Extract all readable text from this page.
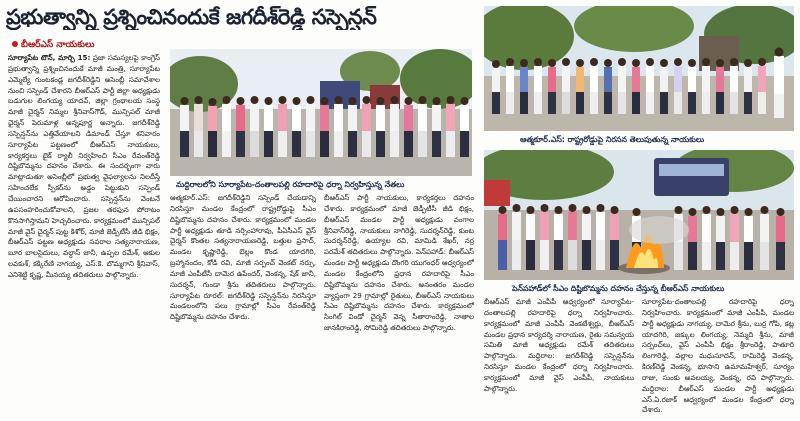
ప్రభుత్వాన్ని ప్రశ్నించినందుకే జగదీశ్‌రెడ్డి సస్పెన్షన్
బీఆర్‌ఎస్‌ నాయకులు

సూర్యాపేట టౌన్‌, మార్చి 15: ప్రజా సమస్యలపై కాంగ్రెస్‌ ప్రభుత్వాన్ని ప్రశ్నించినందుకే మాజీ మంత్రి, సూర్యాపేట ఎమ్మెల్యే గుంటకండ్ల జగదీశ్‌రెడ్డిని అసెంబ్లీ సమావేశాల నుంచి సస్పెండ్‌ చేశారని బీఆర్‌ఎస్‌ పార్టీ జిల్లా అధ్యక్షుడు బడుగుల లింగయ్య యాదవ్‌, జిల్లా గ్రంథాలయ సంస్థ మాజీ చైర్మన్‌ నిమ్మల శ్రీనివాస్‌గౌడ్‌, మున్సిపల్‌ మాజీ ఛైర్మన్‌ పెరుమాళ్ల అన్నపూర్ణ అన్నారు. జగదీశ్‌రెడ్డి సస్పెన్షన్‌ను ఎత్తివేయాలని డిమాండ్‌ చేస్తూ శనివారం సూర్యాపేట పట్టణంలో బీఆర్‌ఎస్‌ నాయకులు, కార్యకర్తలు బైక్‌ ర్యాలీ నిర్వహించి సీఎం రేవంత్‌రెడ్డి దిష్టిబొమ్మను దహనం చేశారు. ఈ సందర్భంగా వారు మాట్లాడుతూ అసెంబ్లీలో ప్రభుత్వ వైఫల్యాలను నిలదీస్తే సహించలేక స్పీకర్‌ను అడ్డం పెట్టుకుని సస్పెండ్‌ చేయించారని ఆరోపించారు. సస్పెన్షన్‌ను వెంటనే ఉపసంహరించుకోవాలని, ప్రజల తరఫున పోరాటం కొనసాగిస్తామని హెచ్చరించారు. కార్యక్రమంలో మున్సిపల్‌ మాజీ వైస్‌ చైర్మన్‌ పుట్ట కిశోర్‌, మాజీ జెడ్పీటీసీ జీడి భిక్షం, బీఆర్‌ఎస్‌ పట్టణ అధ్యక్షుడు సవరాల సత్యనారాయణ, బూర బాలసైదులు, వల్దాస్‌ జానీ, ఉప్పల రమేశ్‌, ఆకుల లవకుశ్‌, కక్కిరేణి నాగయ్య, ఎస్‌.కె. బొమ్మగాని శ్రీనివాస్‌, ఎనిశెట్టి కృష్ణ, మీనయ్య తదితరులు పాల్గొన్నారు.

మద్దిరాలలోని సూర్యాపేట-దంతాలపల్లి రహదారిపై ధర్నా నిర్వహిస్తున్న నేతలు

ఆత్మకూర్‌.ఎస్‌: జగదీశ్‌రెడ్డిని సస్పెండ్‌ చేయడాన్ని నిరసిస్తూ మండల కేంద్రంలో రాష్ట్రరోడ్డుపై సీఎం దిష్టిబొమ్మను దహనం చేశారు. కార్యక్రమంలో మండల పార్టీ అధ్యక్షుడు తూడి నర్సింహారావు, పీఏసీఎస్‌ వైస్‌ చైర్మన్‌ కొంతల సత్యనారాయణరెడ్డి, బత్తుల ప్రసాద్‌, మండల కృష్ణారెడ్డి, బెల్లం కొండ యాదగిరి, బ్రహ్మానందం, కోడి రవి, మాజీ సర్పంచ్‌ వెంకట్‌ నర్సు, మాజీ ఎంపీటీసీ దామెర ఉపేందర్‌, వెంకన్న, షేక్‌ జానీ, సుదర్శన్‌, గుండా శ్రీను తదితరులు పాల్గొన్నారు. సూర్యాపేట రూరల్‌: జగదీశ్‌రెడ్డి సస్పెన్షన్‌ను నిరసిస్తూ మండలంలోని పలు గ్రామాల్లో సీఎం రేవంత్‌రెడ్డి దిష్టిబొమ్మను దహనం చేశారు.

బీఆర్‌ఎస్‌ పార్టీ నాయకులు, కార్యకర్తలు దహనం చేశారు. కార్యక్రమంలో మాజీ జెడ్పీటీసీ జీడి భిక్షం, బీఆర్‌ఎస్‌ మండల పార్టీ అధ్యక్షుడు వంగాల శ్రీనివాస్‌రెడ్డి, నాయకులు నాగిరెడ్డి, సుదర్శన్‌రెడ్డి, కుంట సుదర్శన్‌రెడ్డి, ఉయ్యాల రవి, మామిడి శేఖర్‌, నర్ర పరమేశ్‌ తదితరులు పాల్గొన్నారు. పెన్‌పహాడ్‌: బీఆర్‌ఎస్‌ మండల పార్టీ అధ్యక్షుడు దొంగరి యుగంధర్‌ ఆధ్వర్యంలో మండల కేంద్రంలోని ప్రధాన రహదారిపై సీఎం దిష్టిబొమ్మను దహనం చేశారు. అనంతరం మండల వ్యాప్తంగా 29 గ్రామాల్లో రైతులు, బీఆర్‌ఎస్‌ నాయకులు సీఎం దిష్టిబొమ్మను దహనం చేశారు. కార్యక్రమంలో సింగిల్‌ విండో చైర్మన్‌ వెన్న సీతారాంరెడ్డి, నాతాల జానకిరాంరెడ్డి, సోమిరెడ్డి తదితరులు పాల్గొన్నారు.

ఆత్మకూర్‌.ఎస్‌: రాష్ట్రరోడ్డుపై నిరసన తెలుపుతున్న నాయకులు
పెన్‌పహాడ్‌లో సీఎం దిష్టిబొమ్మను దహనం చేస్తున్న బీఆర్‌ఎస్‌ నాయకులు

బీఆర్‌ఎస్‌ మాజీ ఎంపీపీ ఆధ్వర్యంలో సూర్యాపేట-దంతాలపల్లి రహదారిపై ధర్నా నిర్వహించారు. కార్యక్రమంలో మాజీ ఎంపీపీ వెంకటేశ్వర్లు, బీఆర్‌ఎస్‌ మండల ప్రధాన కార్యదర్శి నారాయణ, రైతు సమన్వయ సమితి మాజీ అధ్యక్షుడు రమేశ్‌ తదితరులు పాల్గొన్నారు. మద్దిరాల: జగదీశ్‌రెడ్డి సస్పెన్షన్‌ను నిరసిస్తూ మండల కేంద్రంలో ధర్నా నిర్వహించారు. కార్యక్రమంలో మాజీ వైస్‌ ఎంపీపీ, నాయకులు పాల్గొన్నారు.

సూర్యాపేట-దంతాలపల్లి రహదారిపై ధర్నా నిర్వహించారు. కార్యక్రమంలో మాజీ ఎంపీపీ, మండల పార్టీ అధ్యక్షుడు నాగయ్య, దామెర శ్రీను, బుర్ర గోపి, కట్ల యాదగిరి, జక్కుల లింగయ్య, నెమ్మది శ్రీను, మాజీ సర్పంచ్‌లు, వైస్‌ ఎంపీపీ భిక్షం శ్రీరాంరెడ్డి, పాతూరి లింగారెడ్డి, వల్లాల మధుసూదన్‌, రామిరెడ్డి వెంకన్న, కిరణ్‌రెడ్డి వెంకన్న, భూసాని ఉమామహేశ్వర్‌, సూర్యం రాజు, సుంకు అవలయ్య, వెంకన్న, రవి పాల్గొన్నారు. మద్దిరాల: బీఆర్‌ఎస్‌ మండల పార్టీ అధ్యక్షుడు ఎస్‌.ఏ.రజాక్‌ ఆధ్వర్యంలో మండల కేంద్రంలో ధర్నా చేశారు.
